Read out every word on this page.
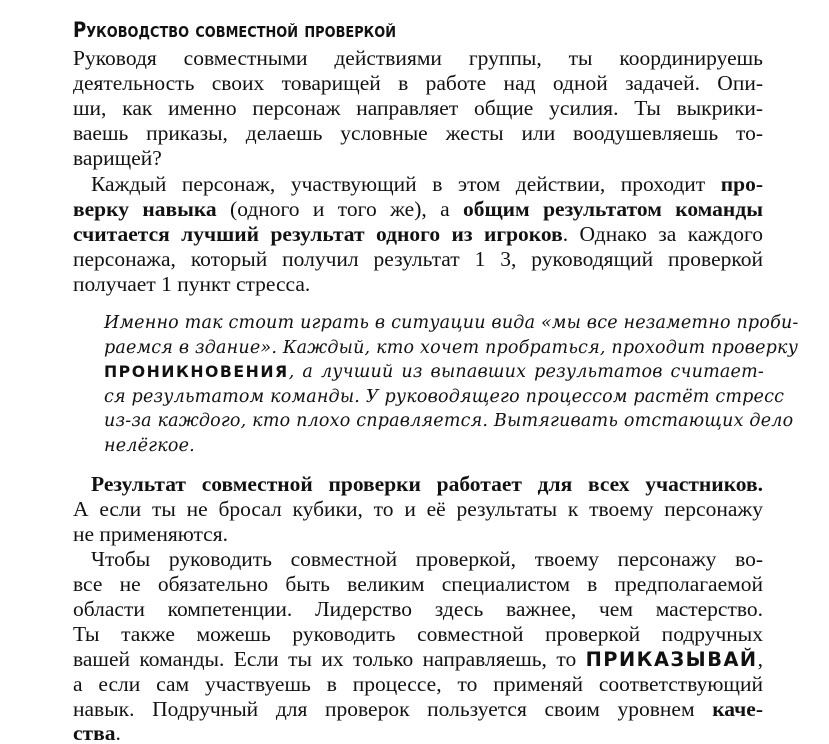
Руководство совместной проверкой

Руководя совместными действиями группы, ты координируешь

деятельность своих товарищей в работе над одной задачей. Опи-

ши, как именно персонаж направляет общие усилия. Ты выкрики-

ваешь приказы, делаешь условные жесты или воодушевляешь то-

варищей?

Каждый персонаж, участвующий в этом действии, проходит про-

верку навыка (одного и того же), а общим результатом команды

считается лучший результат одного из игроков. Однако за каждого

персонажа, который получил результат 1 3, руководящий проверкой

получает 1 пункт стресса.

Именно так стоит играть в ситуации вида «мы все незаметно проби-

раемся в здание». Каждый, кто хочет пробраться, проходит проверку

ПРОНИКНОВЕНИЯ, а лучший из выпавших результатов считает-

ся результатом команды. У руководящего процессом растёт стресс

из-за каждого, кто плохо справляется. Вытягивать отстающих дело

нелёгкое.

Результат совместной проверки работает для всех участников.

А если ты не бросал кубики, то и её результаты к твоему персонажу

не применяются.

Чтобы руководить совместной проверкой, твоему персонажу во-

все не обязательно быть великим специалистом в предполагаемой

области компетенции. Лидерство здесь важнее, чем мастерство.

Ты также можешь руководить совместной проверкой подручных

вашей команды. Если ты их только направляешь, то ПРИКАЗЫВАЙ,

а если сам участвуешь в процессе, то применяй соответствующий

навык. Подручный для проверок пользуется своим уровнем каче-

ства.
